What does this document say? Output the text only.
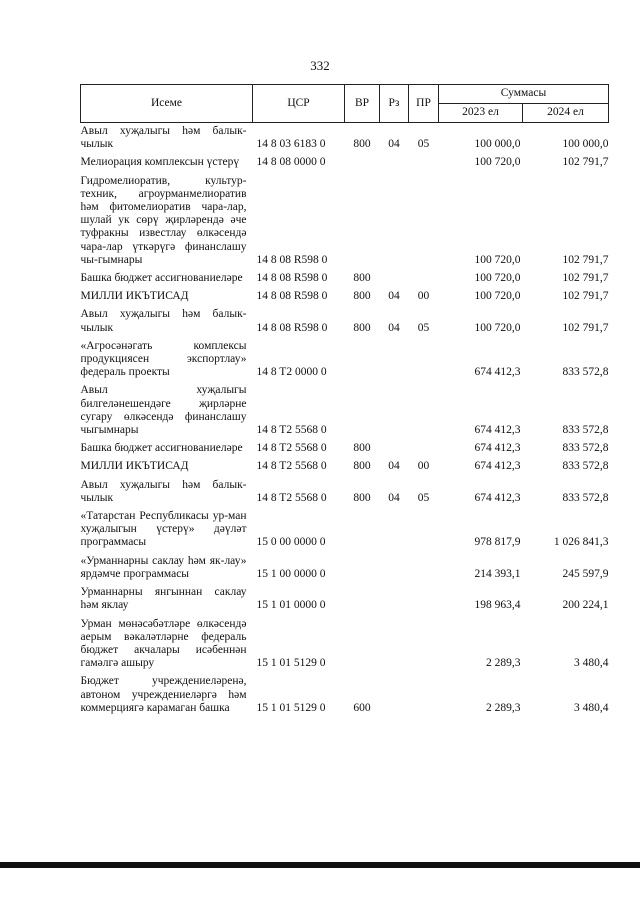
332
Исеме	ЦСР	ВР	Рз	ПР	Суммасы	
					2023 ел	2024 ел
Авыл хуҗалыгы һәм балык-чылык	14 8 03 6183 0	800	04	05	100 000,0	100 000,0
Мелиорация комплексын үстерү	14 8 08 0000 0				100 720,0	102 791,7
Гидромелиоратив, культур-техник, агроурманмелиоратив һәм фитомелиоратив чара-лар, шулай ук сөрү җирләрендә әче туфракны известлау өлкәсендә чара-лар үткәрүгә финанслашу чы-гымнары	14 8 08 R598 0				100 720,0	102 791,7
Башка бюджет ассигнованиеләре	14 8 08 R598 0	800			100 720,0	102 791,7
МИЛЛИ ИКЪТИСАД	14 8 08 R598 0	800	04	00	100 720,0	102 791,7
Авыл хуҗалыгы һәм балык-чылык	14 8 08 R598 0	800	04	05	100 720,0	102 791,7
«Агросәнәгать комплексы продукциясен экспортлау» федераль проекты	14 8 T2 0000 0				674 412,3	833 572,8
Авыл хуҗалыгы билгеләнешендәге җирләрне сугару өлкәсендә финанслашу чыгымнары	14 8 T2 5568 0				674 412,3	833 572,8
Башка бюджет ассигнованиеләре	14 8 T2 5568 0	800			674 412,3	833 572,8
МИЛЛИ ИКЪТИСАД	14 8 T2 5568 0	800	04	00	674 412,3	833 572,8
Авыл хуҗалыгы һәм балык-чылык	14 8 T2 5568 0	800	04	05	674 412,3	833 572,8
«Татарстан Республикасы ур-ман хуҗалыгын үстерү» дәүләт программасы	15 0 00 0000 0				978 817,9	1 026 841,3
«Урманнарны саклау һәм як-лау» ярдәмче программасы	15 1 00 0000 0				214 393,1	245 597,9
Урманнарны янгыннан саклау һәм яклау	15 1 01 0000 0				198 963,4	200 224,1
Урман мөнәсәбәтләре өлкәсендә аерым вәкаләтләрне федераль бюджет акчалары исәбеннән гамәлгә ашыру	15 1 01 5129 0				2 289,3	3 480,4
Бюджет учреждениеләренә, автоном учреждениеләргә һәм коммерциягә карамаган башка	15 1 01 5129 0	600			2 289,3	3 480,4
